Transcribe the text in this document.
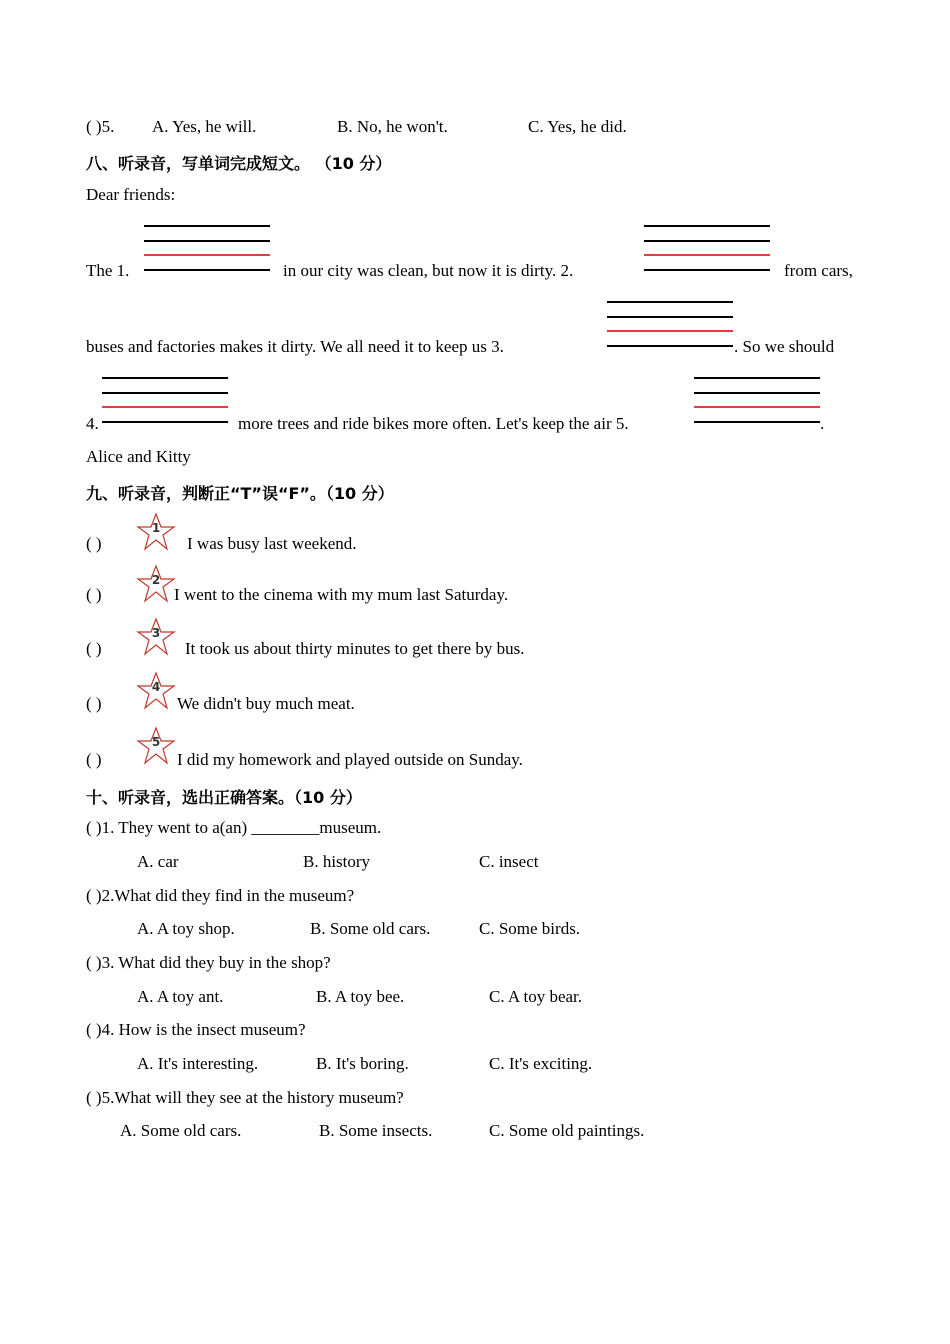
( )5. A. Yes, he will.	B. No, he won't.	C. Yes, he did.
八、听录音，写单词完成短文。 （10 分）
Dear friends:
The 1.	in our city was clean, but now it is dirty. 2.	from cars,
buses and factories makes it dirty. We all need it to keep us 3.	. So we should
4.	more trees and ride bikes more often. Let's keep the air 5.	.
Alice and Kitty
九、听录音，判断正“T”误“F”。（10 分）
( )
1
I was busy last weekend.
( )
2
I went to the cinema with my mum last Saturday.
( )
3
It took us about thirty minutes to get there by bus.
( )
4
We didn't buy much meat.
( )
5
I did my homework and played outside on Sunday.
十、听录音，选出正确答案。（10 分）
( )1. They went to a(an) ________museum.
A. car	B. history	C. insect
( )2.What did they find in the museum?
A. A toy shop.	B. Some old cars.	C. Some birds.
( )3. What did they buy in the shop?
A. A toy ant.	B. A toy bee.	C. A toy bear.
( )4. How is the insect museum?
A. It's interesting.	B. It's boring.	C. It's exciting.
( )5.What will they see at the history museum?
A. Some old cars.	B. Some insects.	C. Some old paintings.
